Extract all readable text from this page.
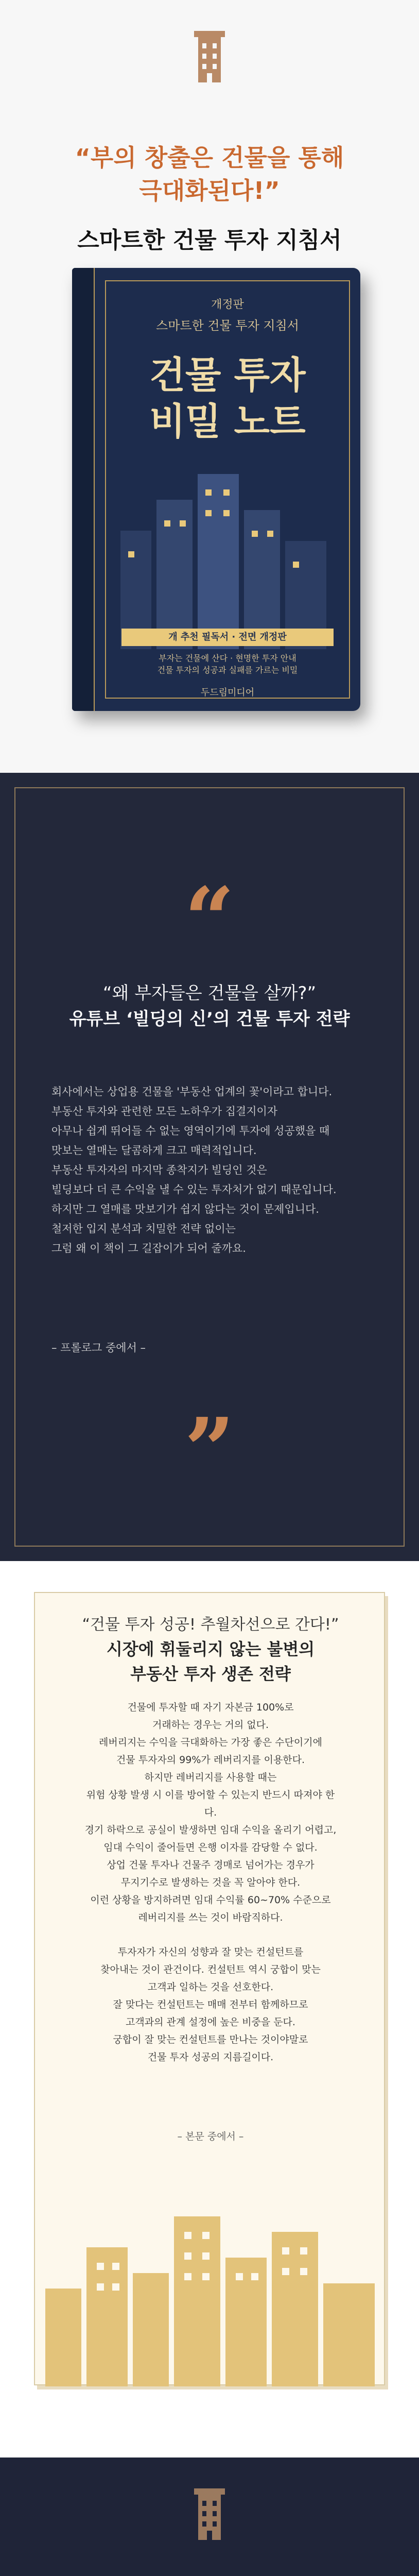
“부의 창출은 건물을 통해
극대화된다!”
스마트한 건물 투자 지침서
개정판
스마트한 건물 투자 지침서
건물 투자
비밀 노트
개 추천 필독서 · 전면 개정판
부자는 건물에 산다 · 현명한 투자 안내
건물 투자의 성공과 실패를 가르는 비밀
두드림미디어
“
“왜 부자들은 건물을 살까?”
유튜브 ‘빌딩의 신’의 건물 투자 전략

회사에서는 상업용 건물을 '부동산 업계의 꽃'이라고 합니다.

부동산 투자와 관련한 모든 노하우가 집결지이자

아무나 쉽게 뛰어들 수 없는 영역이기에 투자에 성공했을 때

맛보는 열매는 달콤하게 크고 매력적입니다.

부동산 투자자의 마지막 종착지가 빌딩인 것은

빌딩보다 더 큰 수익을 낼 수 있는 투자처가 없기 때문입니다.

하지만 그 열매를 맛보기가 쉽지 않다는 것이 문제입니다.

철저한 입지 분석과 치밀한 전략 없이는

그럼 왜 이 책이 그 길잡이가 되어 줄까요.

– 프롤로그 중에서 –
”
“건물 투자 성공! 추월차선으로 간다!”
시장에 휘둘리지 않는 불변의
부동산 투자 생존 전략

건물에 투자할 때 자기 자본금 100%로

거래하는 경우는 거의 없다.

레버리지는 수익을 극대화하는 가장 좋은 수단이기에

건물 투자자의 99%가 레버리지를 이용한다.

하지만 레버리지를 사용할 때는

위험 상황 발생 시 이를 방어할 수 있는지 반드시 따져야 한다.

경기 하락으로 공실이 발생하면 임대 수익을 올리기 어렵고,

임대 수익이 줄어들면 은행 이자를 감당할 수 없다.

상업 건물 투자나 건물주 경매로 넘어가는 경우가

무지기수로 발생하는 것을 꼭 알아야 한다.

이런 상황을 방지하려면 임대 수익률 60~70% 수준으로

레버리지를 쓰는 것이 바람직하다.

투자자가 자신의 성향과 잘 맞는 컨설턴트를

찾아내는 것이 관건이다. 컨설턴트 역시 궁합이 맞는

고객과 일하는 것을 선호한다.

잘 맞다는 컨설턴트는 매매 전부터 함께하므로

고객과의 관계 설정에 높은 비중을 둔다.

궁합이 잘 맞는 컨설턴트를 만나는 것이야말로

건물 투자 성공의 지름길이다.

– 본문 중에서 –
